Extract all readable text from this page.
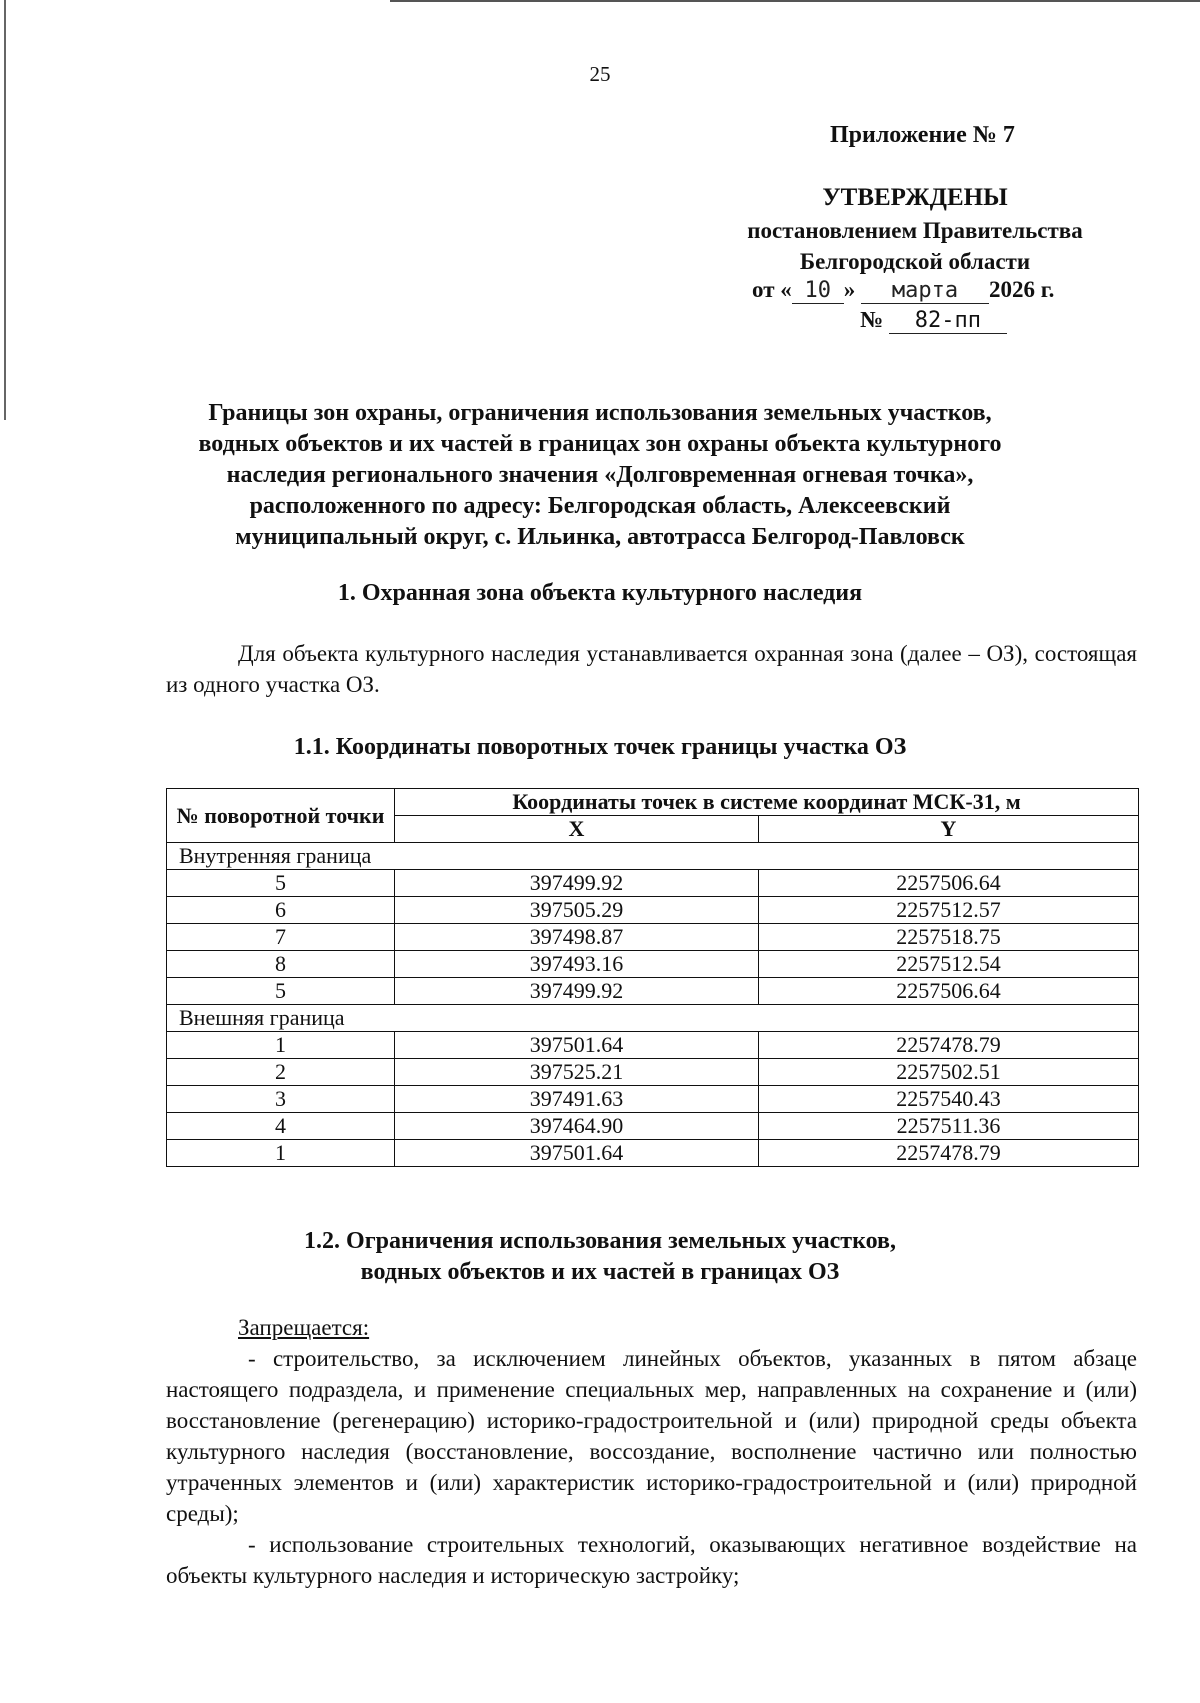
25
Приложение № 7
УТВЕРЖДЕНЫ
постановлением Правительства
Белгородской области
от « 10 » марта 2026 г.
№ 82-пп
Границы зон охраны, ограничения использования земельных участков,
водных объектов и их частей в границах зон охраны объекта культурного
наследия регионального значения «Долговременная огневая точка»,
расположенного по адресу: Белгородская область, Алексеевский
муниципальный округ, с. Ильинка, автотрасса Белгород-Павловск
1. Охранная зона объекта культурного наследия

Для объекта культурного наследия устанавливается охранная зона (далее – ОЗ), состоящая из одного участка ОЗ.

1.1. Координаты поворотных точек границы участка ОЗ
№ поворотной точки	Координаты точек в системе координат МСК-31, м	
	X	Y
Внутренняя граница		
5	397499.92	2257506.64
6	397505.29	2257512.57
7	397498.87	2257518.75
8	397493.16	2257512.54
5	397499.92	2257506.64
Внешняя граница		
1	397501.64	2257478.79
2	397525.21	2257502.51
3	397491.63	2257540.43
4	397464.90	2257511.36
1	397501.64	2257478.79
1.2. Ограничения использования земельных участков,
водных объектов и их частей в границах ОЗ

Запрещается:

- строительство, за исключением линейных объектов, указанных в пятом абзаце настоящего подраздела, и применение специальных мер, направленных на сохранение и (или) восстановление (регенерацию) историко-градостроительной и (или) природной среды объекта культурного наследия (восстановление, воссоздание, восполнение частично или полностью утраченных элементов и (или) характеристик историко-градостроительной и (или) природной среды);

- использование строительных технологий, оказывающих негативное воздействие на объекты культурного наследия и историческую застройку;
